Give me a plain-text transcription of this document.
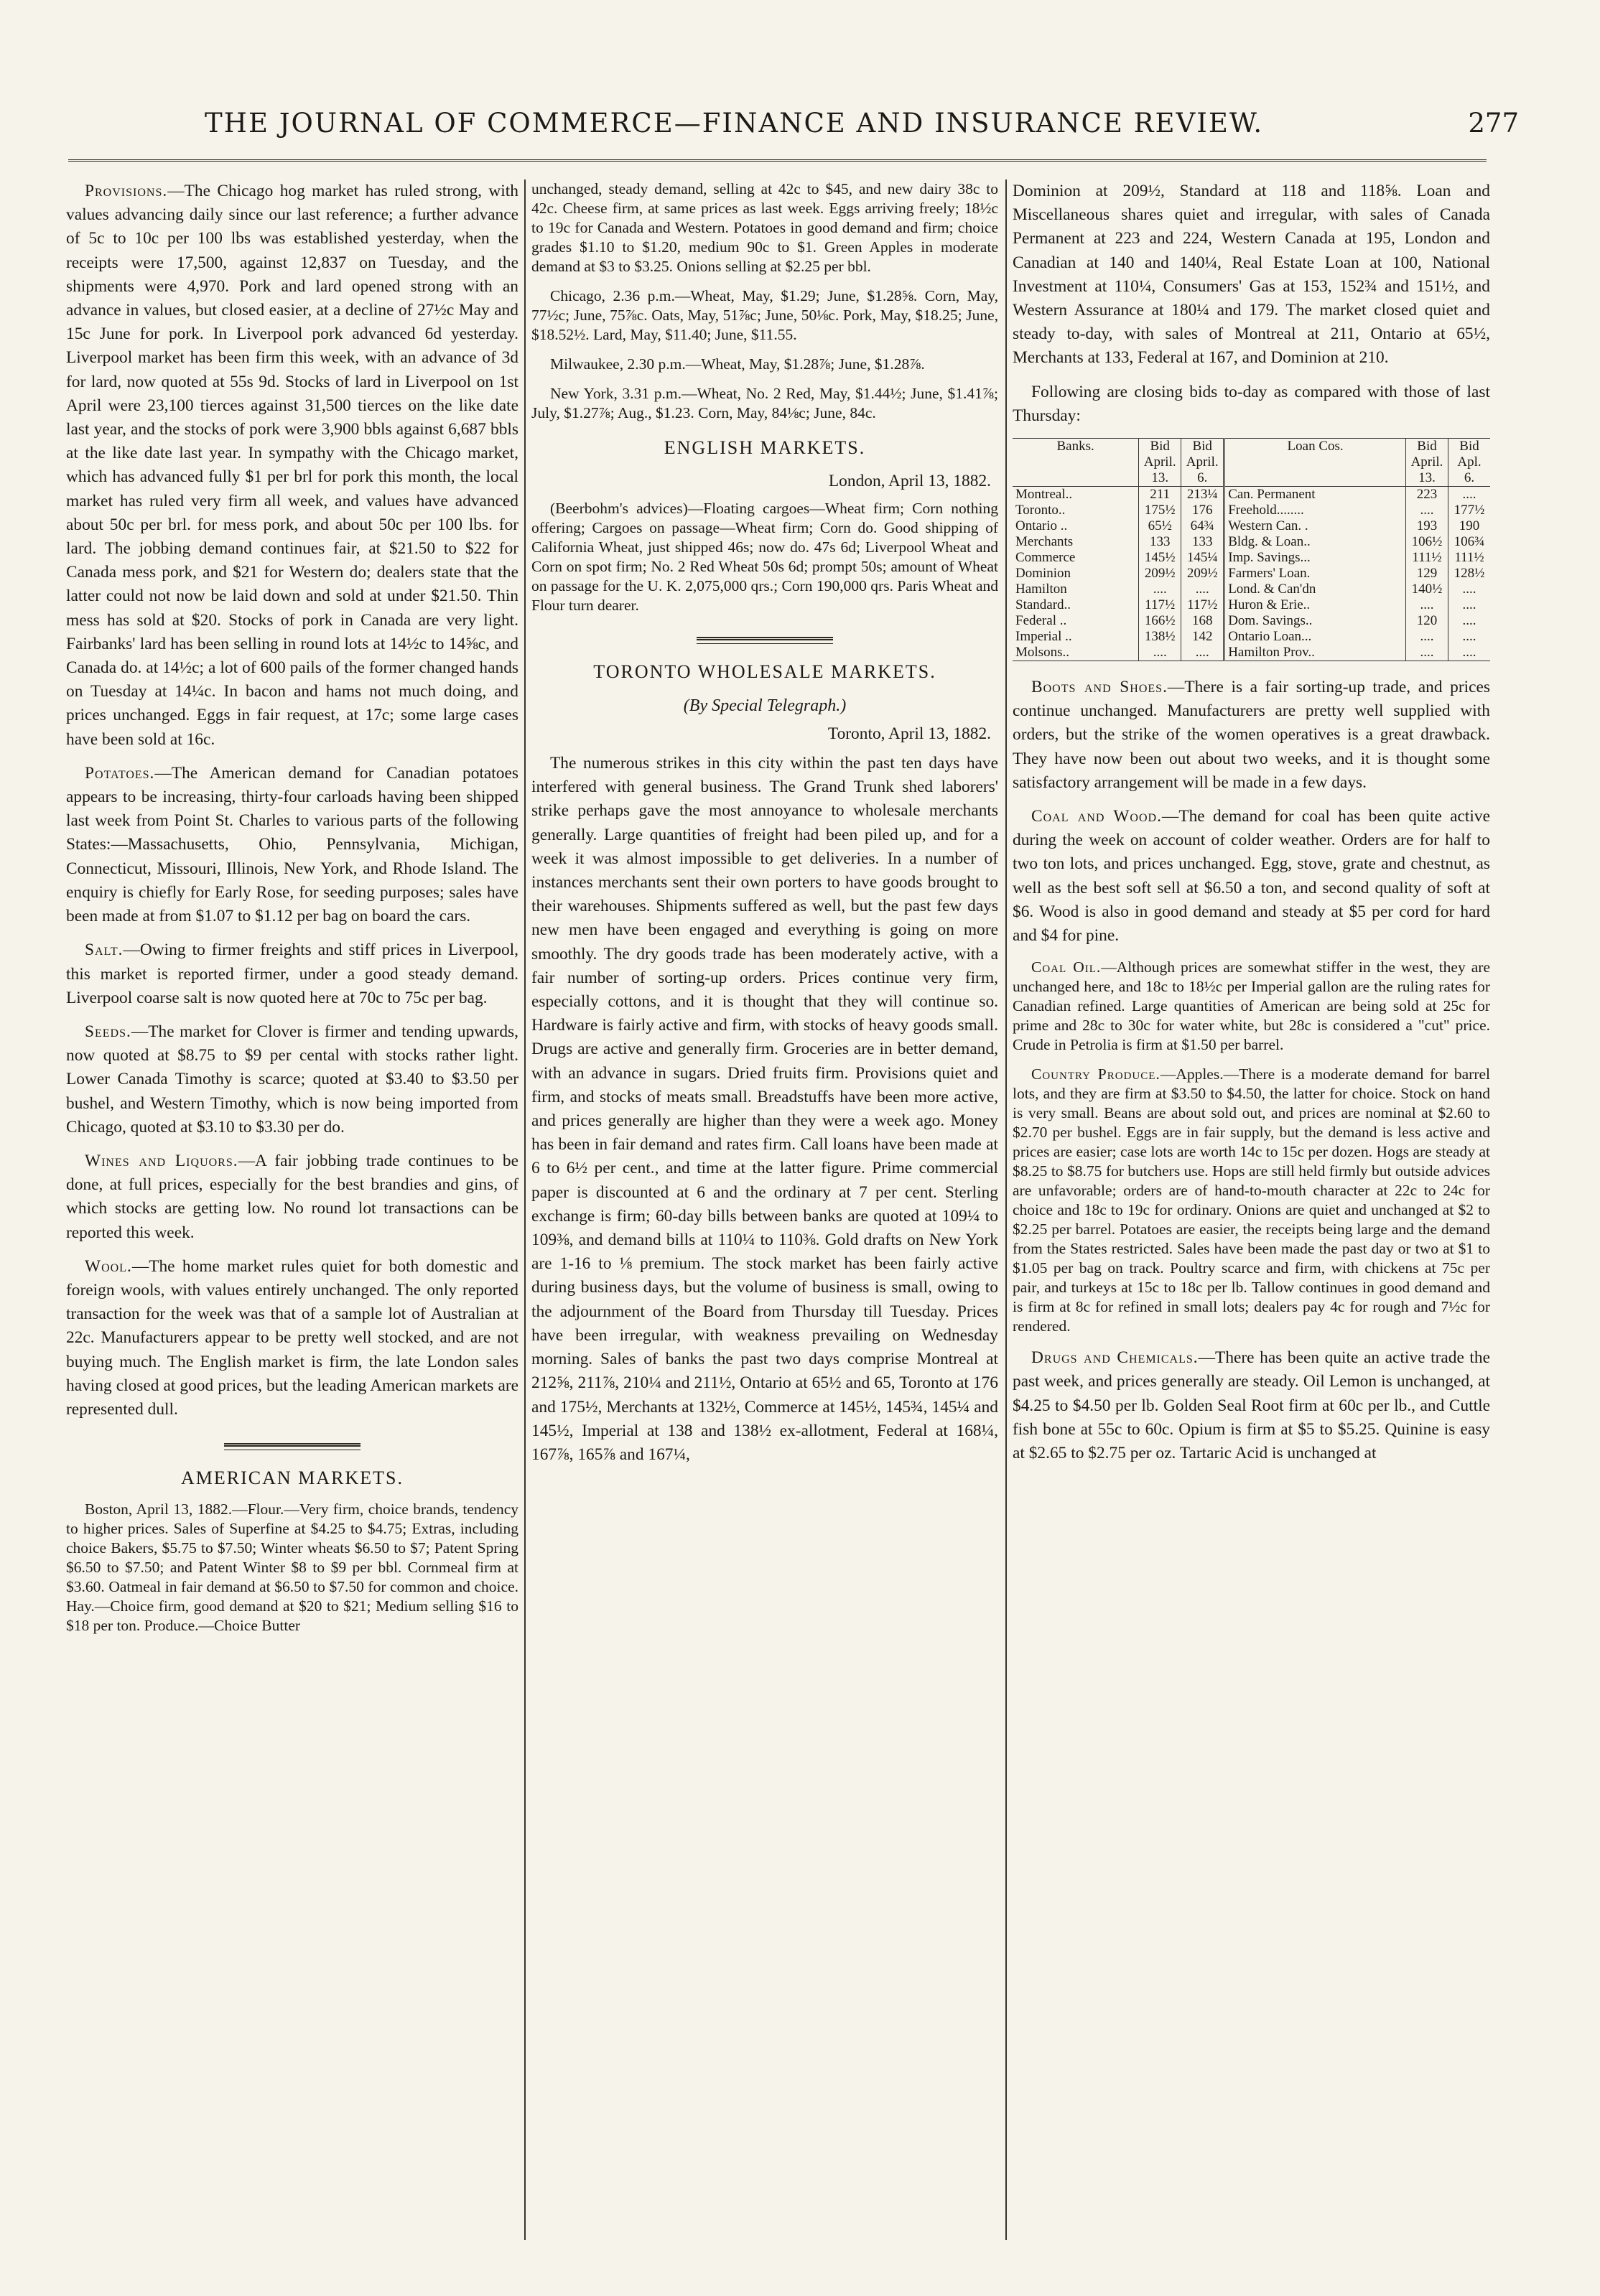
THE JOURNAL OF COMMERCE—FINANCE AND INSURANCE REVIEW.	277

Provisions.—The Chicago hog market has ruled strong, with values advancing daily since our last reference; a further advance of 5c to 10c per 100 lbs was established yesterday, when the receipts were 17,500, against 12,837 on Tuesday, and the shipments were 4,970. Pork and lard opened strong with an advance in values, but closed easier, at a decline of 27½c May and 15c June for pork. In Liverpool pork advanced 6d yesterday. Liverpool market has been firm this week, with an advance of 3d for lard, now quoted at 55s 9d. Stocks of lard in Liverpool on 1st April were 23,100 tierces against 31,500 tierces on the like date last year, and the stocks of pork were 3,900 bbls against 6,687 bbls at the like date last year. In sympathy with the Chicago market, which has advanced fully $1 per brl for pork this month, the local market has ruled very firm all week, and values have advanced about 50c per brl. for mess pork, and about 50c per 100 lbs. for lard. The jobbing demand continues fair, at $21.50 to $22 for Canada mess pork, and $21 for Western do; dealers state that the latter could not now be laid down and sold at under $21.50. Thin mess has sold at $20. Stocks of pork in Canada are very light. Fairbanks' lard has been selling in round lots at 14½c to 14⅝c, and Canada do. at 14½c; a lot of 600 pails of the former changed hands on Tuesday at 14¼c. In bacon and hams not much doing, and prices unchanged. Eggs in fair request, at 17c; some large cases have been sold at 16c.

Potatoes.—The American demand for Canadian potatoes appears to be increasing, thirty-four carloads having been shipped last week from Point St. Charles to various parts of the following States:—Massachusetts, Ohio, Pennsylvania, Michigan, Connecticut, Missouri, Illinois, New York, and Rhode Island. The enquiry is chiefly for Early Rose, for seeding purposes; sales have been made at from $1.07 to $1.12 per bag on board the cars.

Salt.—Owing to firmer freights and stiff prices in Liverpool, this market is reported firmer, under a good steady demand. Liverpool coarse salt is now quoted here at 70c to 75c per bag.

Seeds.—The market for Clover is firmer and tending upwards, now quoted at $8.75 to $9 per cental with stocks rather light. Lower Canada Timothy is scarce; quoted at $3.40 to $3.50 per bushel, and Western Timothy, which is now being imported from Chicago, quoted at $3.10 to $3.30 per do.

Wines and Liquors.—A fair jobbing trade continues to be done, at full prices, especially for the best brandies and gins, of which stocks are getting low. No round lot transactions can be reported this week.

Wool.—The home market rules quiet for both domestic and foreign wools, with values entirely unchanged. The only reported transaction for the week was that of a sample lot of Australian at 22c. Manufacturers appear to be pretty well stocked, and are not buying much. The English market is firm, the late London sales having closed at good prices, but the leading American markets are represented dull.

AMERICAN MARKETS.

Boston, April 13, 1882.—Flour.—Very firm, choice brands, tendency to higher prices. Sales of Superfine at $4.25 to $4.75; Extras, including choice Bakers, $5.75 to $7.50; Winter wheats $6.50 to $7; Patent Spring $6.50 to $7.50; and Patent Winter $8 to $9 per bbl. Cornmeal firm at $3.60. Oatmeal in fair demand at $6.50 to $7.50 for common and choice. Hay.—Choice firm, good demand at $20 to $21; Medium selling $16 to $18 per ton. Produce.—Choice Butter

unchanged, steady demand, selling at 42c to $45, and new dairy 38c to 42c. Cheese firm, at same prices as last week. Eggs arriving freely; 18½c to 19c for Canada and Western. Potatoes in good demand and firm; choice grades $1.10 to $1.20, medium 90c to $1. Green Apples in moderate demand at $3 to $3.25. Onions selling at $2.25 per bbl.

Chicago, 2.36 p.m.—Wheat, May, $1.29; June, $1.28⅝. Corn, May, 77½c; June, 75⅞c. Oats, May, 51⅞c; June, 50⅛c. Pork, May, $18.25; June, $18.52½. Lard, May, $11.40; June, $11.55.

Milwaukee, 2.30 p.m.—Wheat, May, $1.28⅞; June, $1.28⅞.

New York, 3.31 p.m.—Wheat, No. 2 Red, May, $1.44½; June, $1.41⅞; July, $1.27⅞; Aug., $1.23. Corn, May, 84⅛c; June, 84c.

ENGLISH MARKETS.
London, April 13, 1882.

(Beerbohm's advices)—Floating cargoes—Wheat firm; Corn nothing offering; Cargoes on passage—Wheat firm; Corn do. Good shipping of California Wheat, just shipped 46s; now do. 47s 6d; Liverpool Wheat and Corn on spot firm; No. 2 Red Wheat 50s 6d; prompt 50s; amount of Wheat on passage for the U. K. 2,075,000 qrs.; Corn 190,000 qrs. Paris Wheat and Flour turn dearer.

TORONTO WHOLESALE MARKETS.
(By Special Telegraph.)
Toronto, April 13, 1882.

The numerous strikes in this city within the past ten days have interfered with general business. The Grand Trunk shed laborers' strike perhaps gave the most annoyance to wholesale merchants generally. Large quantities of freight had been piled up, and for a week it was almost impossible to get deliveries. In a number of instances merchants sent their own porters to have goods brought to their warehouses. Shipments suffered as well, but the past few days new men have been engaged and everything is going on more smoothly. The dry goods trade has been moderately active, with a fair number of sorting-up orders. Prices continue very firm, especially cottons, and it is thought that they will continue so. Hardware is fairly active and firm, with stocks of heavy goods small. Drugs are active and generally firm. Groceries are in better demand, with an advance in sugars. Dried fruits firm. Provisions quiet and firm, and stocks of meats small. Breadstuffs have been more active, and prices generally are higher than they were a week ago. Money has been in fair demand and rates firm. Call loans have been made at 6 to 6½ per cent., and time at the latter figure. Prime commercial paper is discounted at 6 and the ordinary at 7 per cent. Sterling exchange is firm; 60-day bills between banks are quoted at 109¼ to 109⅜, and demand bills at 110¼ to 110⅜. Gold drafts on New York are 1-16 to ⅛ premium. The stock market has been fairly active during business days, but the volume of business is small, owing to the adjournment of the Board from Thursday till Tuesday. Prices have been irregular, with weakness prevailing on Wednesday morning. Sales of banks the past two days comprise Montreal at 212⅝, 211⅞, 210¼ and 211½, Ontario at 65½ and 65, Toronto at 176 and 175½, Merchants at 132½, Commerce at 145½, 145¾, 145¼ and 145½, Imperial at 138 and 138½ ex-allotment, Federal at 168¼, 167⅞, 165⅞ and 167¼,

Dominion at 209½, Standard at 118 and 118⅝. Loan and Miscellaneous shares quiet and irregular, with sales of Canada Permanent at 223 and 224, Western Canada at 195, London and Canadian at 140 and 140¼, Real Estate Loan at 100, National Investment at 110¼, Consumers' Gas at 153, 152¾ and 151½, and Western Assurance at 180¼ and 179. The market closed quiet and steady to-day, with sales of Montreal at 211, Ontario at 65½, Merchants at 133, Federal at 167, and Dominion at 210.

Following are closing bids to-day as compared with those of last Thursday:

Banks.	Bid April. 13.	Bid April. 6.	Loan Cos.	Bid April. 13.	Bid Apl. 6.
Montreal..	211	213¼	Can. Permanent	223	....
Toronto..	175½	176	Freehold........	....	177½
Ontario ..	65½	64¾	Western Can. .	193	190
Merchants	133	133	Bldg. & Loan..	106½	106¾
Commerce	145½	145¼	Imp. Savings...	111½	111½
Dominion	209½	209½	Farmers' Loan.	129	128½
Hamilton	....	....	Lond. & Can'dn	140½	....
Standard..	117½	117½	Huron & Erie..	....	....
Federal ..	166½	168	Dom. Savings..	120	....
Imperial ..	138½	142	Ontario Loan...	....	....
Molsons..	....	....	Hamilton Prov..	....	....

Boots and Shoes.—There is a fair sorting-up trade, and prices continue unchanged. Manufacturers are pretty well supplied with orders, but the strike of the women operatives is a great drawback. They have now been out about two weeks, and it is thought some satisfactory arrangement will be made in a few days.

Coal and Wood.—The demand for coal has been quite active during the week on account of colder weather. Orders are for half to two ton lots, and prices unchanged. Egg, stove, grate and chestnut, as well as the best soft sell at $6.50 a ton, and second quality of soft at $6. Wood is also in good demand and steady at $5 per cord for hard and $4 for pine.

Coal Oil.—Although prices are somewhat stiffer in the west, they are unchanged here, and 18c to 18½c per Imperial gallon are the ruling rates for Canadian refined. Large quantities of American are being sold at 25c for prime and 28c to 30c for water white, but 28c is considered a "cut" price. Crude in Petrolia is firm at $1.50 per barrel.

Country Produce.—Apples.—There is a moderate demand for barrel lots, and they are firm at $3.50 to $4.50, the latter for choice. Stock on hand is very small. Beans are about sold out, and prices are nominal at $2.60 to $2.70 per bushel. Eggs are in fair supply, but the demand is less active and prices are easier; case lots are worth 14c to 15c per dozen. Hogs are steady at $8.25 to $8.75 for butchers use. Hops are still held firmly but outside advices are unfavorable; orders are of hand-to-mouth character at 22c to 24c for choice and 18c to 19c for ordinary. Onions are quiet and unchanged at $2 to $2.25 per barrel. Potatoes are easier, the receipts being large and the demand from the States restricted. Sales have been made the past day or two at $1 to $1.05 per bag on track. Poultry scarce and firm, with chickens at 75c per pair, and turkeys at 15c to 18c per lb. Tallow continues in good demand and is firm at 8c for refined in small lots; dealers pay 4c for rough and 7½c for rendered.

Drugs and Chemicals.—There has been quite an active trade the past week, and prices generally are steady. Oil Lemon is unchanged, at $4.25 to $4.50 per lb. Golden Seal Root firm at 60c per lb., and Cuttle fish bone at 55c to 60c. Opium is firm at $5 to $5.25. Quinine is easy at $2.65 to $2.75 per oz. Tartaric Acid is unchanged at
